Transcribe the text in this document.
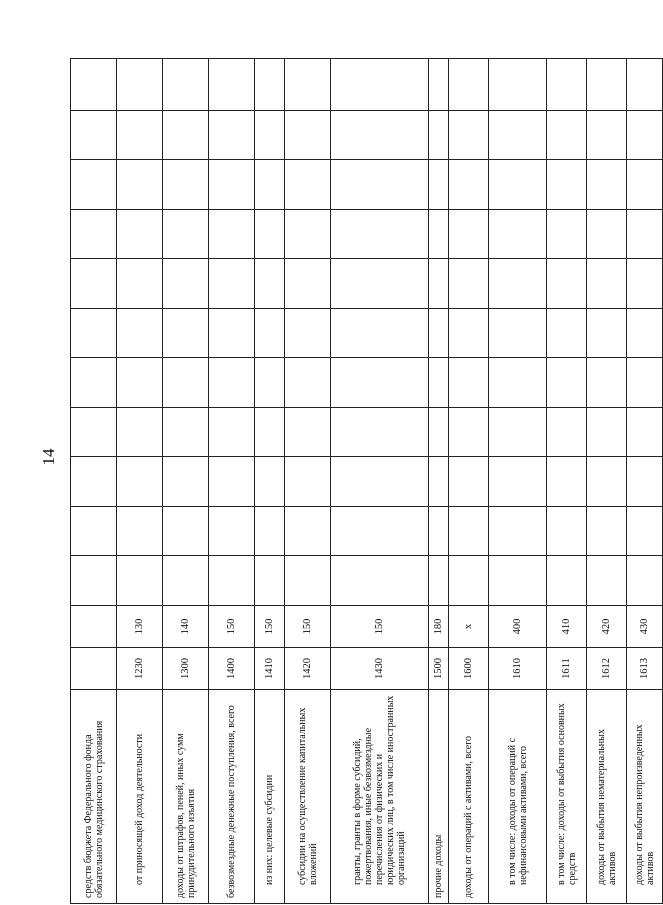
14
средств бюджета Федерального фонда обязательного медицинского страхования													
от приносящей доход деятельности	1230	130											
доходы от штрафов, пеней, иных сумм принудительного изъятия	1300	140											
безвозмездные денежные поступления, всего	1400	150											
из них: целевые субсидии	1410	150											
субсидии на осуществление капитальных вложений	1420	150											
гранты, гранты в форме субсидий, пожертвования, иные безвозмездные перечисления от физических и юридических лиц, в том числе иностранных организаций	1430	150											
прочие доходы	1500	180											
доходы от операций с активами, всего	1600	x											
в том числе: доходы от операций с нефинансовыми активами, всего	1610	400											
в том числе: доходы от выбытия основных средств	1611	410											
доходы от выбытия нематериальных активов	1612	420											
доходы от выбытия непроизведенных активов	1613	430											
